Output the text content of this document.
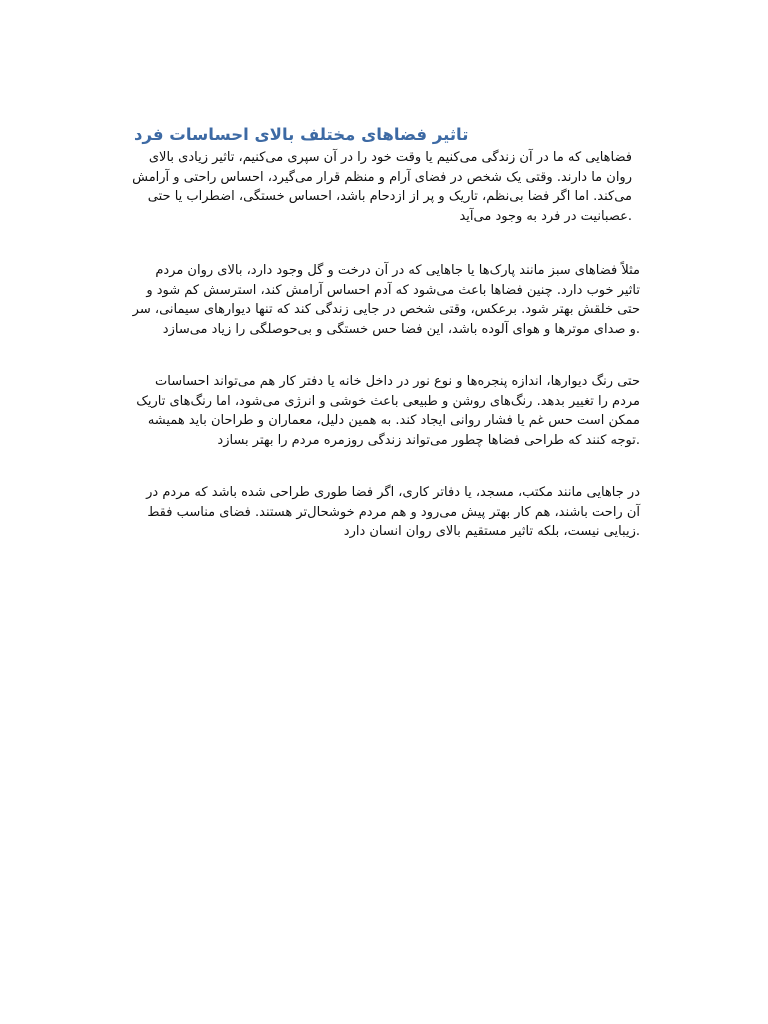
تاثیر فضاهای مختلف بالای احساسات فرد

فضاهایی که ما در آن زندگی می‌کنیم یا وقت خود را در آن سپری می‌کنیم، تاثیر زیادی بالای
روان ما دارند. وقتی یک شخص در فضای آرام و منظم قرار می‌گیرد، احساس راحتی و آرامش
می‌کند. اما اگر فضا بی‌نظم، تاریک و پر از ازدحام باشد، احساس خستگی، اضطراب یا حتی
.عصبانیت در فرد به وجود می‌آید

مثلاً فضاهای سبز مانند پارک‌ها یا جاهایی که در آن درخت و گل وجود دارد، بالای روان مردم
تاثیر خوب دارد. چنین فضاها باعث می‌شود که آدم احساس آرامش کند، استرسش کم شود و
حتی خلقش بهتر شود. برعکس، وقتی شخص در جایی زندگی کند که تنها دیوارهای سیمانی، سر
.و صدای موترها و هوای آلوده باشد، این فضا حس خستگی و بی‌حوصلگی را زیاد می‌سازد

حتی رنگ دیوارها، اندازه پنجره‌ها و نوع نور در داخل خانه یا دفتر کار هم می‌تواند احساسات
مردم را تغییر بدهد. رنگ‌های روشن و طبیعی باعث خوشی و انرژی می‌شود، اما رنگ‌های تاریک
ممکن است حس غم یا فشار روانی ایجاد کند. به همین دلیل، معماران و طراحان باید همیشه
.توجه کنند که طراحی فضاها چطور می‌تواند زندگی روزمره مردم را بهتر بسازد

در جاهایی مانند مکتب، مسجد، یا دفاتر کاری، اگر فضا طوری طراحی شده باشد که مردم در
آن راحت باشند، هم کار بهتر پیش می‌رود و هم مردم خوشحال‌تر هستند. فضای مناسب فقط
.زیبایی نیست، بلکه تاثیر مستقیم بالای روان انسان دارد
